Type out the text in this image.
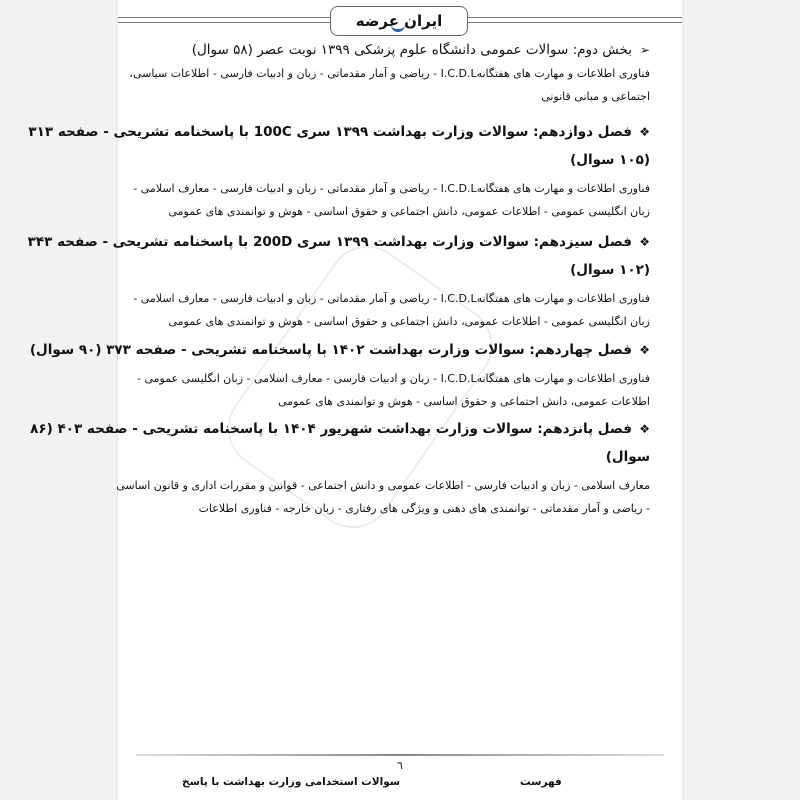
ایران عرضه
➢بخش دوم: سوالات عمومی دانشگاه علوم پزشکی ۱۳۹۹ نوبت عصر (۵۸ سوال)
فناوری اطلاعات و مهارت های هفتگانهI.C.D.L - ریاضی و آمار مقدماتی - زبان و ادبیات فارسی - اطلاعات سیاسی،
اجتماعی و مبانی قانونی
❖فصل دوازدهم: سوالات وزارت بهداشت ۱۳۹۹ سری 100C با پاسخنامه تشریحی - صفحه ۳۱۳
(۱۰۵ سوال)
فناوری اطلاعات و مهارت های هفتگانهI.C.D.L - ریاضی و آمار مقدماتی - زبان و ادبیات فارسی - معارف اسلامی -
زبان انگلیسی عمومی - اطلاعات عمومی، دانش اجتماعی و حقوق اساسی - هوش و توانمندی های عمومی
❖فصل سیزدهم: سوالات وزارت بهداشت ۱۳۹۹ سری 200D با پاسخنامه تشریحی - صفحه ۳۴۳
(۱۰۲ سوال)
فناوری اطلاعات و مهارت های هفتگانهI.C.D.L - ریاضی و آمار مقدماتی - زبان و ادبیات فارسی - معارف اسلامی -
زبان انگلیسی عمومی - اطلاعات عمومی، دانش اجتماعی و حقوق اساسی - هوش و توانمندی های عمومی
❖فصل چهاردهم: سوالات وزارت بهداشت ۱۴۰۲ با پاسخنامه تشریحی - صفحه ۳۷۳ (۹۰ سوال)
فناوری اطلاعات و مهارت های هفتگانهI.C.D.L - زبان و ادبیات فارسی - معارف اسلامی - زبان انگلیسی عمومی -
اطلاعات عمومی، دانش اجتماعی و حقوق اساسی - هوش و توانمندی های عمومی
❖فصل پانزدهم: سوالات وزارت بهداشت شهریور ۱۴۰۴ با پاسخنامه تشریحی - صفحه ۴۰۳ (۸۶
سوال)
معارف اسلامی - زبان و ادبیات فارسی - اطلاعات عمومی و دانش اجتماعی - قوانین و مقررات اداری و قانون اساسی
- ریاضی و آمار مقدماتی - توانمندی های ذهنی و ویژگی های رفتاری - زبان خارجه - فناوری اطلاعات
٦
سوالات استخدامی وزارت بهداشت با پاسخ	فهرست
